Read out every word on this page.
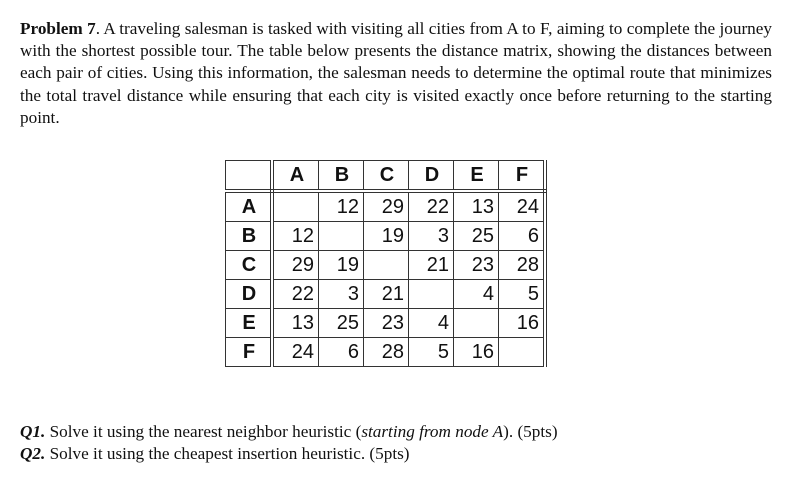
Problem 7. A traveling salesman is tasked with visiting all cities from A to F, aiming to complete the journey with the shortest possible tour. The table below presents the distance matrix, showing the distances between each pair of cities. Using this information, the salesman needs to determine the optimal route that minimizes the total travel distance while ensuring that each city is visited exactly once before returning to the starting point.
	A	B	C	D	E	F
A		12	29	22	13	24
B	12		19	3	25	6
C	29	19		21	23	28
D	22	3	21		4	5
E	13	25	23	4		16
F	24	6	28	5	16	
Q1. Solve it using the nearest neighbor heuristic (starting from node A). (5pts)
Q2. Solve it using the cheapest insertion heuristic. (5pts)
